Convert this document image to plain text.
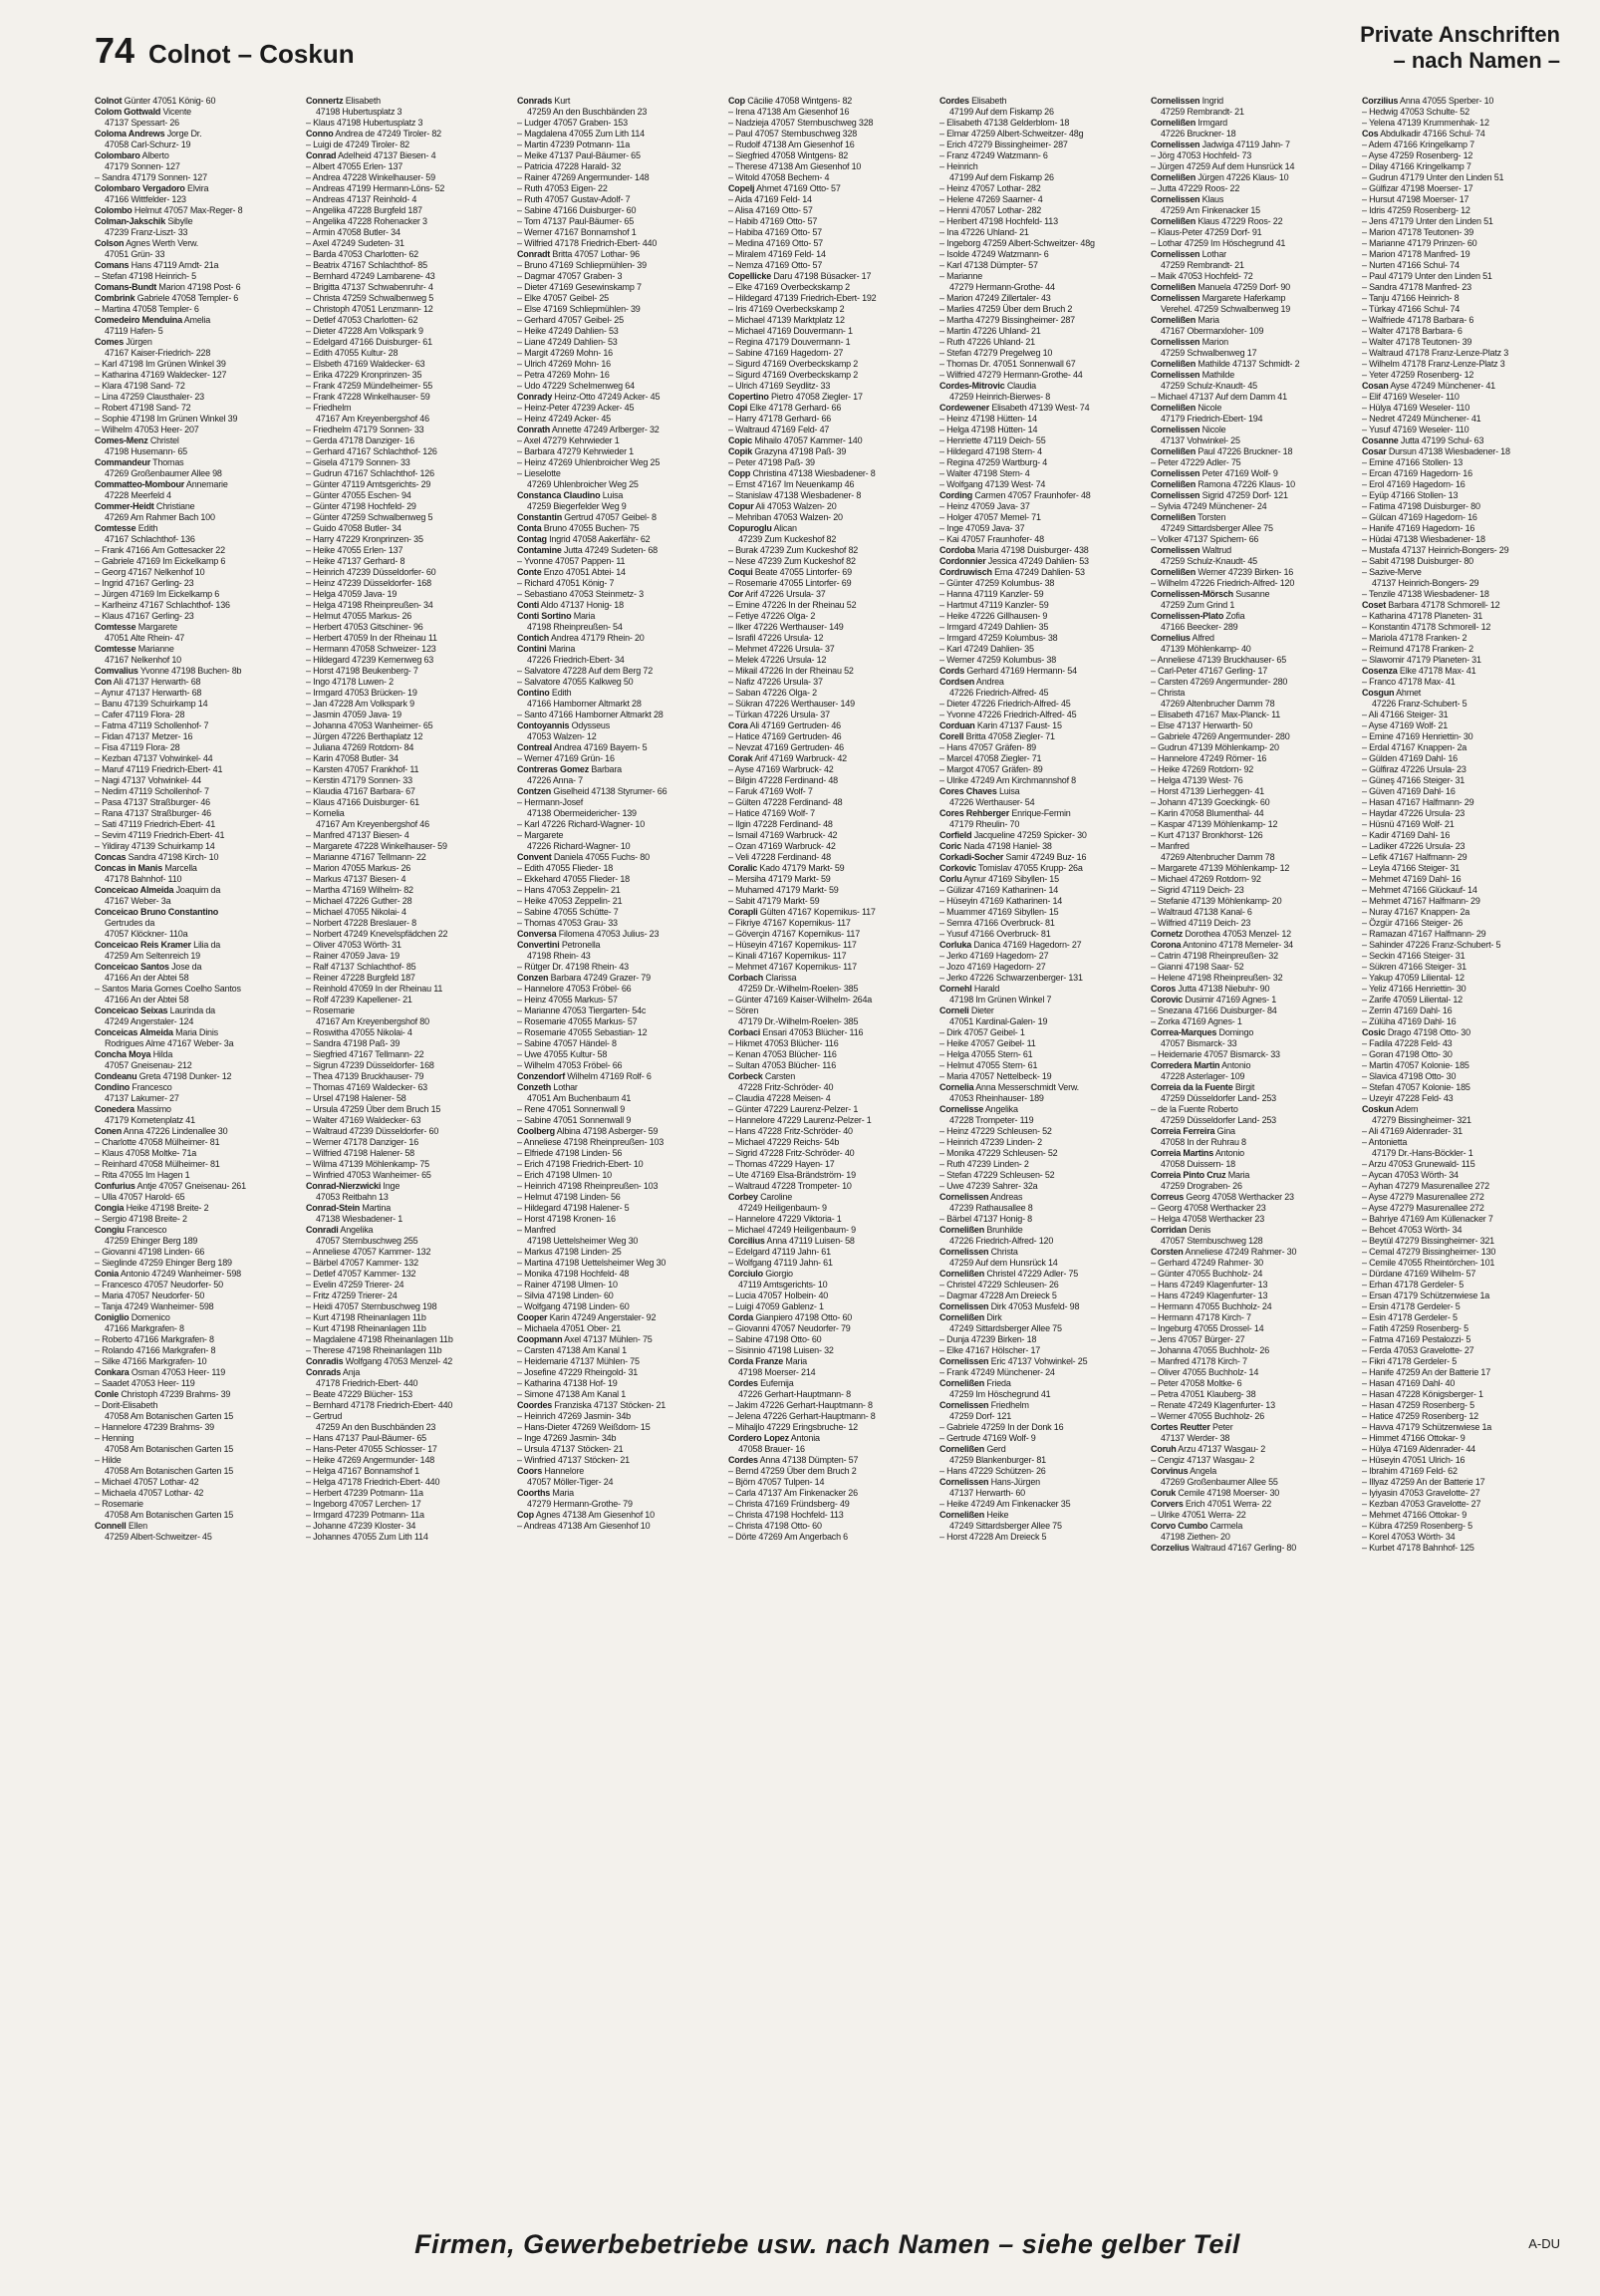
74 Colnot – Coskun
Private Anschriften
– nach Namen –
Colnot Günter 47051 König- 60
Colom Gottwald Vicente
47137 Spessart- 26
Coloma Andrews Jorge Dr.
47058 Carl-Schurz- 19
Colombaro Alberto
47179 Sonnen- 127
– Sandra 47179 Sonnen- 127
Colombaro Vergadoro Elvira
47166 Wittfelder- 123
Colombo Helmut 47057 Max-Reger- 8
Colman-Jakschik Sibylle
47239 Franz-Liszt- 33
Colson Agnes Werth Verw.
47051 Grün- 33
Comans Hans 47119 Arndt- 21a
– Stefan 47198 Heinrich- 5
Comans-Bundt Marion 47198 Post- 6
Combrink Gabriele 47058 Templer- 6
– Martina 47058 Templer- 6
Comedeiro Menduina Amelia
47119 Hafen- 5
Comes Jürgen
47167 Kaiser-Friedrich- 228
– Karl 47198 Im Grünen Winkel 39
– Katharina 47169 Waldecker- 127
– Klara 47198 Sand- 72
– Lina 47259 Clausthaler- 23
– Robert 47198 Sand- 72
– Sophie 47198 Im Grünen Winkel 39
– Wilhelm 47053 Heer- 207
Comes-Menz Christel
47198 Husemann- 65
Commandeur Thomas
47269 Großenbaumer Allee 98
Commatteo-Mombour Annemarie
47228 Meerfeld 4
Commer-Heidt Christiane
47269 Am Rahmer Bach 100
Comtesse Edith
47167 Schlachthof- 136
– Frank 47166 Am Gottesacker 22
– Gabriele 47169 Im Eickelkamp 6
– Georg 47167 Nelkenhof 10
– Ingrid 47167 Gerling- 23
– Jürgen 47169 Im Eickelkamp 6
– Karlheinz 47167 Schlachthof- 136
– Klaus 47167 Gerling- 23
Comtesse Margarete
47051 Alte Rhein- 47
Comtesse Marianne
47167 Nelkenhof 10
Comvalius Yvonne 47198 Buchen- 8b
Con Ali 47137 Herwarth- 68
– Aynur 47137 Herwarth- 68
– Banu 47139 Schuirkamp 14
– Cafer 47119 Flora- 28
– Fatma 47119 Schollenhof- 7
– Fidan 47137 Metzer- 16
– Fisa 47119 Flora- 28
– Kezban 47137 Vohwinkel- 44
– Maruf 47119 Friedrich-Ebert- 41
– Nagi 47137 Vohwinkel- 44
– Nedim 47119 Schollenhof- 7
– Pasa 47137 Straßburger- 46
– Rana 47137 Straßburger- 46
– Sati 47119 Friedrich-Ebert- 41
– Sevim 47119 Friedrich-Ebert- 41
– Yildiray 47139 Schuirkamp 14
Concas Sandra 47198 Kirch- 10
Concas in Manis Marcella
47178 Bahnhof- 110
Conceicao Almeida Joaquim da
47167 Weber- 3a
Conceicao Bruno Constantino
Gertrudes da
47057 Klöckner- 110a
Conceicao Reis Kramer Lilia da
47259 Am Seltenreich 19
Conceicao Santos Jose da
47166 An der Abtei 58
– Santos Maria Gomes Coelho Santos
47166 An der Abtei 58
Conceicao Seixas Laurinda da
47249 Angerstaler- 124
Conceicas Almeida Maria Dinis
Rodrigues Alme 47167 Weber- 3a
Concha Moya Hilda
47057 Gneisenau- 212
Condeanu Greta 47198 Dunker- 12
Condino Francesco
47137 Lakumer- 27
Conedera Massimo
47179 Kometenplatz 41
Conen Anna 47226 Lindenallee 30
– Charlotte 47058 Mülheimer- 81
– Klaus 47058 Moltke- 71a
– Reinhard 47058 Mülheimer- 81
– Rita 47055 Im Hagen 1
Confurius Antje 47057 Gneisenau- 261
– Ulla 47057 Harold- 65
Congia Heike 47198 Breite- 2
– Sergio 47198 Breite- 2
Congiu Francesco
47259 Ehinger Berg 189
– Giovanni 47198 Linden- 66
– Sieglinde 47259 Ehinger Berg 189
Conia Antonio 47249 Wanheimer- 598
– Francesco 47057 Neudorfer- 50
– Maria 47057 Neudorfer- 50
– Tanja 47249 Wanheimer- 598
Coniglio Domenico
47166 Markgrafen- 8
– Roberto 47166 Markgrafen- 8
– Rolando 47166 Markgrafen- 8
– Silke 47166 Markgrafen- 10
Conkara Osman 47053 Heer- 119
– Saadet 47053 Heer- 119
Conle Christoph 47239 Brahms- 39
– Dorit-Elisabeth
47058 Am Botanischen Garten 15
– Hannelore 47239 Brahms- 39
– Henning
47058 Am Botanischen Garten 15
– Hilde
47058 Am Botanischen Garten 15
– Michael 47057 Lothar- 42
– Michaela 47057 Lothar- 42
– Rosemarie
47058 Am Botanischen Garten 15
Connell Ellen
47259 Albert-Schweitzer- 45
Connertz Elisabeth
47198 Hubertusplatz 3
– Klaus 47198 Hubertusplatz 3
Conno Andrea de 47249 Tiroler- 82
– Luigi de 47249 Tiroler- 82
Conrad Adelheid 47137 Biesen- 4
– Albert 47055 Erlen- 137
– Andrea 47228 Winkelhauser- 59
– Andreas 47199 Hermann-Löns- 52
– Andreas 47137 Reinhold- 4
– Angelika 47228 Burgfeld 187
– Angelika 47228 Rohenacker 3
– Armin 47058 Butler- 34
– Axel 47249 Sudeten- 31
– Barda 47053 Charlotten- 62
– Beatrix 47167 Schlachthof- 85
– Bernhard 47249 Lambarene- 43
– Brigitta 47137 Schwabenruhr- 4
– Christa 47259 Schwalbenweg 5
– Christoph 47051 Lenzmann- 12
– Detlef 47053 Charlotten- 62
– Dieter 47228 Am Volkspark 9
– Edelgard 47166 Duisburger- 61
– Edith 47055 Kultur- 28
– Elsbeth 47169 Waldecker- 63
– Erika 47229 Kronprinzen- 35
– Frank 47259 Mündelheimer- 55
– Frank 47228 Winkelhauser- 59
– Friedhelm
47167 Am Kreyenbergshof 46
– Friedhelm 47179 Sonnen- 33
– Gerda 47178 Danziger- 16
– Gerhard 47167 Schlachthof- 126
– Gisela 47179 Sonnen- 33
– Gudrun 47167 Schlachthof- 126
– Günter 47119 Amtsgerichts- 29
– Günter 47055 Eschen- 94
– Günter 47198 Hochfeld- 29
– Günter 47259 Schwalbenweg 5
– Guido 47058 Butler- 34
– Harry 47229 Kronprinzen- 35
– Heike 47055 Erlen- 137
– Heike 47137 Gerhard- 8
– Heinrich 47239 Düsseldorfer- 60
– Heinz 47239 Düsseldorfer- 168
– Helga 47059 Java- 19
– Helga 47198 Rheinpreußen- 34
– Helmut 47055 Markus- 26
– Herbert 47053 Gitschiner- 96
– Herbert 47059 In der Rheinau 11
– Hermann 47058 Schweizer- 123
– Hildegard 47239 Kernenweg 63
– Horst 47198 Beukenberg- 7
– Ingo 47178 Luwen- 2
– Irmgard 47053 Brücken- 19
– Jan 47228 Am Volkspark 9
– Jasmin 47059 Java- 19
– Johanna 47053 Wanheimer- 65
– Jürgen 47226 Berthaplatz 12
– Juliana 47269 Rotdorn- 84
– Karin 47058 Butler- 34
– Karsten 47057 Frankhof- 11
– Kerstin 47179 Sonnen- 33
– Klaudia 47167 Barbara- 67
– Klaus 47166 Duisburger- 61
– Kornelia
47167 Am Kreyenbergshof 46
– Manfred 47137 Biesen- 4
– Margarete 47228 Winkelhauser- 59
– Marianne 47167 Tellmann- 22
– Marion 47055 Markus- 26
– Markus 47137 Biesen- 4
– Martha 47169 Wilhelm- 82
– Michael 47226 Guther- 28
– Michael 47055 Nikolai- 4
– Norbert 47228 Breslauer- 8
– Norbert 47249 Knevelspfädchen 22
– Oliver 47053 Wörth- 31
– Rainer 47059 Java- 19
– Ralf 47137 Schlachthof- 85
– Reiner 47228 Burgfeld 187
– Reinhold 47059 In der Rheinau 11
– Rolf 47239 Kapellener- 21
– Rosemarie
47167 Am Kreyenbergshof 80
– Roswitha 47055 Nikolai- 4
– Sandra 47198 Paß- 39
– Siegfried 47167 Tellmann- 22
– Sigrun 47239 Düsseldorfer- 168
– Thea 47139 Bruckhauser- 79
– Thomas 47169 Waldecker- 63
– Ursel 47198 Halener- 58
– Ursula 47259 Über dem Bruch 15
– Walter 47169 Waldecker- 63
– Waltraud 47239 Düsseldorfer- 60
– Werner 47178 Danziger- 16
– Wilfried 47198 Halener- 58
– Wilma 47139 Möhlenkamp- 75
– Winfried 47053 Wanheimer- 65
Conrad-Nierzwicki Inge
47053 Reitbahn 13
Conrad-Stein Martina
47138 Wiesbadener- 1
Conradi Angelika
47057 Sternbuschweg 255
– Anneliese 47057 Kammer- 132
– Bärbel 47057 Kammer- 132
– Detlef 47057 Kammer- 132
– Evelin 47259 Trierer- 24
– Fritz 47259 Trierer- 24
– Heidi 47057 Sternbuschweg 198
– Kurt 47198 Rheinanlagen 11b
– Kurt 47198 Rheinanlagen 11b
– Magdalene 47198 Rheinanlagen 11b
– Therese 47198 Rheinanlagen 11b
Conradis Wolfgang 47053 Menzel- 42
Conrads Anja
47178 Friedrich-Ebert- 440
– Beate 47229 Blücher- 153
– Bernhard 47178 Friedrich-Ebert- 440
– Gertrud
47259 An den Buschbänden 23
– Hans 47137 Paul-Bäumer- 65
– Hans-Peter 47055 Schlosser- 17
– Heike 47269 Angermunder- 148
– Helga 47167 Bonnamshof 1
– Helga 47178 Friedrich-Ebert- 440
– Herbert 47239 Potmann- 11a
– Ingeborg 47057 Lerchen- 17
– Irmgard 47239 Potmann- 11a
– Johanne 47239 Kloster- 34
– Johannes 47055 Zum Lith 114
Conrads Kurt
47259 An den Buschbänden 23
– Ludger 47057 Graben- 153
– Magdalena 47055 Zum Lith 114
– Martin 47239 Potmann- 11a
– Meike 47137 Paul-Bäumer- 65
– Patricia 47228 Harald- 32
– Rainer 47269 Angermunder- 148
– Ruth 47053 Eigen- 22
– Ruth 47057 Gustav-Adolf- 7
– Sabine 47166 Duisburger- 60
– Tom 47137 Paul-Bäumer- 65
– Werner 47167 Bonnamshof 1
– Wilfried 47178 Friedrich-Ebert- 440
Conradt Britta 47057 Lothar- 96
– Bruno 47169 Schliepmühlen- 39
– Dagmar 47057 Graben- 3
– Dieter 47169 Gesewinskamp 7
– Elke 47057 Geibel- 25
– Else 47169 Schliepmühlen- 39
– Gerhard 47057 Geibel- 25
– Heike 47249 Dahlien- 53
– Liane 47249 Dahlien- 53
– Margit 47269 Mohn- 16
– Ulrich 47269 Mohn- 16
– Petra 47269 Mohn- 16
– Udo 47229 Schelmenweg 64
Conrady Heinz-Otto 47249 Acker- 45
– Heinz-Peter 47239 Acker- 45
– Heinz 47249 Acker- 45
Conrath Annette 47249 Arlberger- 32
– Axel 47279 Kehrwieder 1
– Barbara 47279 Kehrwieder 1
– Heinz 47269 Uhlenbroicher Weg 25
– Lieselotte
47269 Uhlenbroicher Weg 25
Constanca Claudino Luisa
47259 Biegerfelder Weg 9
Constantin Gertrud 47057 Geibel- 8
Conta Bruno 47055 Buchen- 75
Contag Ingrid 47058 Aakerfähr- 62
Contamine Jutta 47249 Sudeten- 68
– Yvonne 47057 Pappen- 11
Conte Enzo 47051 Abtei- 14
– Richard 47051 König- 7
– Sebastiano 47053 Steinmetz- 3
Conti Aldo 47137 Honig- 18
Conti Sortino Maria
47198 Rheinpreußen- 54
Contich Andrea 47179 Rhein- 20
Contini Marina
47226 Friedrich-Ebert- 34
– Salvatore 47228 Auf dem Berg 72
– Salvatore 47055 Kalkweg 50
Contino Edith
47166 Hamborner Altmarkt 28
– Santo 47166 Hamborner Altmarkt 28
Contoyannis Odysseus
47053 Walzen- 12
Contreal Andrea 47169 Bayern- 5
– Werner 47169 Grün- 16
Contreras Gomez Barbara
47226 Anna- 7
Contzen Giselheid 47138 Styrumer- 66
– Hermann-Josef
47138 Obermeidericher- 139
– Karl 47226 Richard-Wagner- 10
– Margarete
47226 Richard-Wagner- 10
Convent Daniela 47055 Fuchs- 80
– Edith 47055 Flieder- 18
– Ekkehard 47055 Flieder- 18
– Hans 47053 Zeppelin- 21
– Heike 47053 Zeppelin- 21
– Sabine 47055 Schütte- 7
– Thomas 47053 Grau- 33
Conversa Filomena 47053 Julius- 23
Convertini Petronella
47198 Rhein- 43
– Rütger Dr. 47198 Rhein- 43
Conzen Barbara 47249 Grazer- 79
– Hannelore 47053 Fröbel- 66
– Heinz 47055 Markus- 57
– Marianne 47053 Tiergarten- 54c
– Rosemarie 47055 Markus- 57
– Rosemarie 47055 Sebastian- 12
– Sabine 47057 Händel- 8
– Uwe 47055 Kultur- 58
– Wilhelm 47053 Fröbel- 66
Conzendorf Wilhelm 47169 Rolf- 6
Conzeth Lothar
47051 Am Buchenbaum 41
– Rene 47051 Sonnenwall 9
– Sabine 47051 Sonnenwall 9
Coolberg Albina 47198 Asberger- 59
– Anneliese 47198 Rheinpreußen- 103
– Elfriede 47198 Linden- 56
– Erich 47198 Friedrich-Ebert- 10
– Erich 47198 Ulmen- 10
– Heinrich 47198 Rheinpreußen- 103
– Helmut 47198 Linden- 56
– Hildegard 47198 Halener- 5
– Horst 47198 Kronen- 16
– Manfred
47198 Uettelsheimer Weg 30
– Markus 47198 Linden- 25
– Martina 47198 Uettelsheimer Weg 30
– Monika 47198 Hochfeld- 48
– Rainer 47198 Ulmen- 10
– Silvia 47198 Linden- 60
– Wolfgang 47198 Linden- 60
Cooper Karin 47249 Angerstaler- 92
– Michaela 47051 Ober- 21
Coopmann Axel 47137 Mühlen- 75
– Carsten 47138 Am Kanal 1
– Heidemarie 47137 Mühlen- 75
– Josefine 47229 Rheingold- 31
– Katharina 47138 Hof- 19
– Simone 47138 Am Kanal 1
Coordes Franziska 47137 Stöcken- 21
– Heinrich 47269 Jasmin- 34b
– Hans-Dieter 47269 Weißdorn- 15
– Inge 47269 Jasmin- 34b
– Ursula 47137 Stöcken- 21
– Winfried 47137 Stöcken- 21
Coors Hannelore
47057 Möller-Tiger- 24
Coorths Maria
47279 Hermann-Grothe- 79
Cop Agnes 47138 Am Giesenhof 10
– Andreas 47138 Am Giesenhof 10
Cop Cäcilie 47058 Wintgens- 82
– Irena 47138 Am Giesenhof 16
– Nadzieja 47057 Sternbuschweg 328
– Paul 47057 Sternbuschweg 328
– Rudolf 47138 Am Giesenhof 16
– Siegfried 47058 Wintgens- 82
– Therese 47138 Am Giesenhof 10
– Witold 47058 Bechem- 4
Copelj Ahmet 47169 Otto- 57
– Aida 47169 Feld- 14
– Alisa 47169 Otto- 57
– Habib 47169 Otto- 57
– Habiba 47169 Otto- 57
– Medina 47169 Otto- 57
– Miralem 47169 Feld- 14
– Nemza 47169 Otto- 57
Copellicke Daru 47198 Büsacker- 17
– Elke 47169 Overbeckskamp 2
– Hildegard 47139 Friedrich-Ebert- 192
– Iris 47169 Overbeckskamp 2
– Michael 47139 Marktplatz 12
– Michael 47169 Douvermann- 1
– Regina 47179 Douvermann- 1
– Sabine 47169 Hagedorn- 27
– Sigurd 47169 Overbeckskamp 2
– Sigurd 47169 Overbeckskamp 2
– Ulrich 47169 Seydlitz- 33
Copertino Pietro 47058 Ziegler- 17
Copi Elke 47178 Gerhard- 66
– Harry 47178 Gerhard- 66
– Waltraud 47169 Feld- 47
Copic Mihailo 47057 Kammer- 140
Copik Grazyna 47198 Paß- 39
– Peter 47198 Paß- 39
Copp Christina 47138 Wiesbadener- 8
– Ernst 47167 Im Neuenkamp 46
– Stanislaw 47138 Wiesbadener- 8
Copur Ali 47053 Walzen- 20
– Mehriban 47053 Walzen- 20
Copuroglu Alican
47239 Zum Kuckeshof 82
– Burak 47239 Zum Kuckeshof 82
– Nese 47239 Zum Kuckeshof 82
Coqui Beate 47055 Lintorfer- 69
– Rosemarie 47055 Lintorfer- 69
Cor Arif 47226 Ursula- 37
– Emine 47226 In der Rheinau 52
– Fetiye 47226 Olga- 2
– Ilker 47226 Werthauser- 149
– Israfil 47226 Ursula- 12
– Mehmet 47226 Ursula- 37
– Melek 47226 Ursula- 12
– Mikail 47226 In der Rheinau 52
– Nafiz 47226 Ursula- 37
– Saban 47226 Olga- 2
– Sükran 47226 Werthauser- 149
– Türkan 47226 Ursula- 37
Cora Ali 47169 Gertruden- 46
– Hatice 47169 Gertruden- 46
– Nevzat 47169 Gertruden- 46
Corak Arif 47169 Warbruck- 42
– Ayse 47169 Warbruck- 42
– Bilgin 47228 Ferdinand- 48
– Faruk 47169 Wolf- 7
– Gülten 47228 Ferdinand- 48
– Hatice 47169 Wolf- 7
– Ilgin 47228 Ferdinand- 48
– Ismail 47169 Warbruck- 42
– Ozan 47169 Warbruck- 42
– Veli 47228 Ferdinand- 48
Coralic Kado 47179 Markt- 59
– Mersiha 47179 Markt- 59
– Muhamed 47179 Markt- 59
– Sabit 47179 Markt- 59
Corapli Gülten 47167 Kopernikus- 117
– Fikriye 47167 Kopernikus- 117
– Göverçin 47167 Kopernikus- 117
– Hüseyin 47167 Kopernikus- 117
– Kinali 47167 Kopernikus- 117
– Mehmet 47167 Kopernikus- 117
Corbach Clarissa
47259 Dr.-Wilhelm-Roelen- 385
– Günter 47169 Kaiser-Wilhelm- 264a
– Sören
47179 Dr.-Wilhelm-Roelen- 385
Corbaci Ensari 47053 Blücher- 116
– Hikmet 47053 Blücher- 116
– Kenan 47053 Blücher- 116
– Sultan 47053 Blücher- 116
Corbeck Carsten
47228 Fritz-Schröder- 40
– Claudia 47228 Meisen- 4
– Günter 47229 Laurenz-Pelzer- 1
– Hannelore 47229 Laurenz-Pelzer- 1
– Hans 47228 Fritz-Schröder- 40
– Michael 47229 Reichs- 54b
– Sigrid 47228 Fritz-Schröder- 40
– Thomas 47229 Hayen- 17
– Ute 47169 Elsa-Brändström- 19
– Waltraud 47228 Trompeter- 10
Corbey Caroline
47249 Heiligenbaum- 9
– Hannelore 47229 Viktoria- 1
– Michael 47249 Heiligenbaum- 9
Corcilius Anna 47119 Luisen- 58
– Edelgard 47119 Jahn- 61
– Wolfgang 47119 Jahn- 61
Corciulo Giorgio
47119 Amtsgerichts- 10
– Lucia 47057 Holbein- 40
– Luigi 47059 Gablenz- 1
Corda Gianpiero 47198 Otto- 60
– Giovanni 47057 Neudorfer- 79
– Sabine 47198 Otto- 60
– Sisinnio 47198 Luisen- 32
Corda Franze Maria
47198 Moerser- 214
Cordes Eufemija
47226 Gerhart-Hauptmann- 8
– Jakim 47226 Gerhart-Hauptmann- 8
– Jelena 47226 Gerhart-Hauptmann- 8
– Mihaljlo 47229 Eringsbruche- 12
Cordero Lopez Antonia
47058 Brauer- 16
Cordes Anna 47138 Dümpten- 57
– Bernd 47259 Über dem Bruch 2
– Björn 47057 Tulpen- 14
– Carla 47137 Am Finkenacker 26
– Christa 47169 Fründsberg- 49
– Christa 47198 Hochfeld- 113
– Christa 47198 Otto- 60
– Dörte 47269 Am Angerbach 6
Cordes Elisabeth
47199 Auf dem Fiskamp 26
– Elisabeth 47138 Gelderblom- 18
– Elmar 47259 Albert-Schweitzer- 48g
– Erich 47279 Bissingheimer- 287
– Franz 47249 Watzmann- 6
– Heinrich
47199 Auf dem Fiskamp 26
– Heinz 47057 Lothar- 282
– Helene 47269 Saarner- 4
– Henni 47057 Lothar- 282
– Heribert 47198 Hochfeld- 113
– Ina 47226 Uhland- 21
– Ingeborg 47259 Albert-Schweitzer- 48g
– Isolde 47249 Watzmann- 6
– Karl 47138 Dümpter- 57
– Marianne
47279 Hermann-Grothe- 44
– Marion 47249 Zillertaler- 43
– Marlies 47259 Über dem Bruch 2
– Martha 47279 Bissingheimer- 287
– Martin 47226 Uhland- 21
– Ruth 47226 Uhland- 21
– Stefan 47279 Pregelweg 10
– Thomas Dr. 47051 Sonnenwall 67
– Wilfried 47279 Hermann-Grothe- 44
Cordes-Mitrovic Claudia
47259 Heinrich-Bierwes- 8
Cordewener Elisabeth 47139 West- 74
– Heinz 47198 Hütten- 14
– Helga 47198 Hütten- 14
– Henriette 47119 Deich- 55
– Hildegard 47198 Stern- 4
– Regina 47259 Wartburg- 4
– Walter 47198 Stern- 4
– Wolfgang 47139 West- 74
Cording Carmen 47057 Fraunhofer- 48
– Heinz 47059 Java- 37
– Holger 47057 Memel- 71
– Inge 47059 Java- 37
– Kai 47057 Fraunhofer- 48
Cordoba Maria 47198 Duisburger- 438
Cordonnier Jessica 47249 Dahlien- 53
Cordruwisch Erna 47249 Dahlien- 53
– Günter 47259 Kolumbus- 38
– Hanna 47119 Kanzler- 59
– Hartmut 47119 Kanzler- 59
– Heike 47226 Gillhausen- 9
– Irmgard 47249 Dahlien- 35
– Irmgard 47259 Kolumbus- 38
– Karl 47249 Dahlien- 35
– Werner 47259 Kolumbus- 38
Cords Gerhard 47169 Hermann- 54
Cordsen Andrea
47226 Friedrich-Alfred- 45
– Dieter 47226 Friedrich-Alfred- 45
– Yvonne 47226 Friedrich-Alfred- 45
Corduan Karin 47137 Faust- 15
Corell Britta 47058 Ziegler- 71
– Hans 47057 Gräfen- 89
– Marcel 47058 Ziegler- 71
– Margot 47057 Gräfen- 89
– Ulrike 47249 Am Kirchmannshof 8
Cores Chaves Luisa
47226 Werthauser- 54
Cores Rehberger Enrique-Fermin
47179 Rheulin- 70
Corfield Jacqueline 47259 Spicker- 30
Coric Nada 47198 Haniel- 38
Corkadi-Socher Samir 47249 Buz- 16
Corkovic Tomislav 47055 Krupp- 26a
Corlu Aynur 47169 Sibyllen- 15
– Gülizar 47169 Katharinen- 14
– Hüseyin 47169 Katharinen- 14
– Muammer 47169 Sibyllen- 15
– Semra 47166 Overbruck- 81
– Yusuf 47166 Overbruck- 81
Corluka Danica 47169 Hagedorn- 27
– Jerko 47169 Hagedorn- 27
– Jozo 47169 Hagedorn- 27
– Jerko 47226 Schwarzenberger- 131
Cornehl Harald
47198 Im Grünen Winkel 7
Corneli Dieter
47051 Kardinal-Galen- 19
– Dirk 47057 Geibel- 1
– Heike 47057 Geibel- 11
– Helga 47055 Stern- 61
– Helmut 47055 Stern- 61
– Maria 47057 Nettelbeck- 19
Cornelia Anna Messerschmidt Verw.
47053 Rheinhauser- 189
Cornelisse Angelika
47228 Trompeter- 119
– Heinz 47229 Schleusen- 52
– Heinrich 47239 Linden- 2
– Monika 47229 Schleusen- 52
– Ruth 47239 Linden- 2
– Stefan 47229 Schleusen- 52
– Uwe 47239 Sahrer- 32a
Cornelissen Andreas
47239 Rathausallee 8
– Bärbel 47137 Honig- 8
Cornelißen Brunhilde
47226 Friedrich-Alfred- 120
Cornelissen Christa
47259 Auf dem Hunsrück 14
Cornelißen Christel 47229 Adler- 75
– Christel 47229 Schleusen- 26
– Dagmar 47228 Am Dreieck 5
Cornelissen Dirk 47053 Musfeld- 98
Cornelißen Dirk
47249 Sittardsberger Allee 75
– Dunja 47239 Birken- 18
– Elke 47167 Hölscher- 17
Cornelissen Eric 47137 Vohwinkel- 25
– Frank 47249 Münchener- 24
Cornelißen Frieda
47259 Im Höschegrund 41
Cornelissen Friedhelm
47259 Dorf- 121
– Gabriele 47259 In der Donk 16
– Gertrude 47169 Wolf- 9
Cornelißen Gerd
47259 Blankenburger- 81
– Hans 47229 Schützen- 26
Cornelissen Hans-Jürgen
47137 Herwarth- 60
– Heike 47249 Am Finkenacker 35
Cornelißen Heike
47249 Sittardsberger Allee 75
– Horst 47228 Am Dreieck 5
Cornelissen Ingrid
47259 Rembrandt- 21
Cornelißen Irmgard
47226 Bruckner- 18
Cornelissen Jadwiga 47119 Jahn- 7
– Jörg 47053 Hochfeld- 73
– Jürgen 47259 Auf dem Hunsrück 14
Cornelißen Jürgen 47226 Klaus- 10
– Jutta 47229 Roos- 22
Cornelissen Klaus
47259 Am Finkenacker 15
Cornelißen Klaus 47229 Roos- 22
– Klaus-Peter 47259 Dorf- 91
– Lothar 47259 Im Höschegrund 41
Cornelissen Lothar
47259 Rembrandt- 21
– Maik 47053 Hochfeld- 72
Cornelißen Manuela 47259 Dorf- 90
Cornelissen Margarete Haferkamp
Verehel. 47259 Schwalbenweg 19
Cornelißen Maria
47167 Obermarxloher- 109
Cornelissen Marion
47259 Schwalbenweg 17
Cornelißen Mathilde 47137 Schmidt- 2
Cornelissen Mathilde
47259 Schulz-Knaudt- 45
– Michael 47137 Auf dem Damm 41
Cornelißen Nicole
47179 Friedrich-Ebert- 194
Cornelissen Nicole
47137 Vohwinkel- 25
Cornelißen Paul 47226 Bruckner- 18
– Peter 47229 Adler- 75
Cornelissen Peter 47169 Wolf- 9
Cornelißen Ramona 47226 Klaus- 10
Cornelissen Sigrid 47259 Dorf- 121
– Sylvia 47249 Münchener- 24
Cornelißen Torsten
47249 Sittardsberger Allee 75
– Volker 47137 Spichern- 66
Cornelissen Waltrud
47259 Schulz-Knaudt- 45
Cornelißen Werner 47239 Birken- 16
– Wilhelm 47226 Friedrich-Alfred- 120
Cornelissen-Mörsch Susanne
47259 Zum Grind 1
Cornelissen-Plato Zofia
47166 Beecker- 289
Cornelius Alfred
47139 Möhlenkamp- 40
– Anneliese 47139 Bruckhauser- 65
– Carl-Peter 47167 Gerling- 17
– Carsten 47269 Angermunder- 280
– Christa
47269 Altenbrucher Damm 78
– Elisabeth 47167 Max-Planck- 11
– Else 47137 Herwarth- 50
– Gabriele 47269 Angermunder- 280
– Gudrun 47139 Möhlenkamp- 20
– Hannelore 47249 Römer- 16
– Heike 47269 Rotdorn- 92
– Helga 47139 West- 76
– Horst 47139 Lierheggen- 41
– Johann 47139 Goeckingk- 60
– Karin 47058 Blumenthal- 44
– Kaspar 47139 Möhlenkamp- 12
– Kurt 47137 Bronkhorst- 126
– Manfred
47269 Altenbrucher Damm 78
– Margarete 47139 Möhlenkamp- 12
– Michael 47269 Rotdorn- 92
– Sigrid 47119 Deich- 23
– Stefanie 47139 Möhlenkamp- 20
– Waltraud 47138 Kanal- 6
– Wilfried 47119 Deich- 23
Cornetz Dorothea 47053 Menzel- 12
Corona Antonino 47178 Memeler- 34
– Catrin 47198 Rheinpreußen- 32
– Gianni 47198 Saar- 52
– Helene 47198 Rheinpreußen- 32
Coros Jutta 47138 Niebuhr- 90
Corovic Dusimir 47169 Agnes- 1
– Snezana 47166 Duisburger- 84
– Zorka 47169 Agnes- 1
Correa-Marques Domingo
47057 Bismarck- 33
– Heidemarie 47057 Bismarck- 33
Corredera Martin Antonio
47228 Asterlager- 109
Correia da la Fuente Birgit
47259 Düsseldorfer Land- 253
– de la Fuente Roberto
47259 Düsseldorfer Land- 253
Correia Ferreira Gina
47058 In der Ruhrau 8
Correia Martins Antonio
47058 Duissern- 18
Correia Pinto Cruz Maria
47259 Drograben- 26
Correus Georg 47058 Werthacker 23
– Georg 47058 Werthacker 23
– Helga 47058 Werthacker 23
Corridan Denis
47057 Sternbuschweg 128
Corsten Anneliese 47249 Rahmer- 30
– Gerhard 47249 Rahmer- 30
– Günter 47055 Buchholz- 24
– Hans 47249 Klagenfurter- 13
– Hans 47249 Klagenfurter- 13
– Hermann 47055 Buchholz- 24
– Hermann 47178 Kirch- 7
– Ingeburg 47055 Drossel- 14
– Jens 47057 Bürger- 27
– Johanna 47055 Buchholz- 26
– Manfred 47178 Kirch- 7
– Oliver 47055 Buchholz- 14
– Peter 47058 Moltke- 6
– Petra 47051 Klauberg- 38
– Renate 47249 Klagenfurter- 13
– Werner 47055 Buchholz- 26
Cortes Reutter Peter
47137 Werder- 38
Coruh Arzu 47137 Wasgau- 2
– Cengiz 47137 Wasgau- 2
Corvinus Angela
47269 Großenbaumer Allee 55
Coruk Cemile 47198 Moerser- 30
Corvers Erich 47051 Werra- 22
– Ulrike 47051 Werra- 22
Corvo Cumbo Carmela
47198 Ziethen- 20
Corzelius Waltraud 47167 Gerling- 80
Corzilius Anna 47055 Sperber- 10
– Hedwig 47053 Schulte- 52
– Yelena 47139 Krummenhak- 12
Cos Abdulkadir 47166 Schul- 74
– Adem 47166 Kringelkamp 7
– Ayse 47259 Rosenberg- 12
– Dilay 47166 Kringelkamp 7
– Gudrun 47179 Unter den Linden 51
– Gülfizar 47198 Moerser- 17
– Hursut 47198 Moerser- 17
– Idris 47259 Rosenberg- 12
– Jens 47179 Unter den Linden 51
– Marion 47178 Teutonen- 39
– Marianne 47179 Prinzen- 60
– Marion 47178 Manfred- 19
– Nurten 47166 Schul- 74
– Paul 47179 Unter den Linden 51
– Sandra 47178 Manfred- 23
– Tanju 47166 Heinrich- 8
– Türkay 47166 Schul- 74
– Walfriede 47178 Barbara- 6
– Walter 47178 Barbara- 6
– Walter 47178 Teutonen- 39
– Waltraud 47178 Franz-Lenze-Platz 3
– Wilhelm 47178 Franz-Lenze-Platz 3
– Yeter 47259 Rosenberg- 12
Cosan Ayse 47249 Münchener- 41
– Elif 47169 Weseler- 110
– Hülya 47169 Weseler- 110
– Nedret 47249 Münchener- 41
– Yusuf 47169 Weseler- 110
Cosanne Jutta 47199 Schul- 63
Cosar Dursun 47138 Wiesbadener- 18
– Emine 47166 Stollen- 13
– Ercan 47169 Hagedorn- 16
– Erol 47169 Hagedorn- 16
– Eyüp 47166 Stollen- 13
– Fatima 47198 Duisburger- 80
– Gülcan 47169 Hagedorn- 16
– Hanife 47169 Hagedorn- 16
– Hüdai 47138 Wiesbadener- 18
– Mustafa 47137 Heinrich-Bongers- 29
– Sabit 47198 Duisburger- 80
– Sazive-Merve
47137 Heinrich-Bongers- 29
– Tenzile 47138 Wiesbadener- 18
Coset Barbara 47178 Schmorell- 12
– Katharina 47178 Planeten- 31
– Konstantin 47178 Schmorell- 12
– Mariola 47178 Franken- 2
– Reimund 47178 Franken- 2
– Slawomir 47179 Planeten- 31
Cosenza Elke 47178 Max- 41
– Franco 47178 Max- 41
Cosgun Ahmet
47226 Franz-Schubert- 5
– Ali 47166 Steiger- 31
– Ayse 47169 Wolf- 21
– Emine 47169 Henriettin- 30
– Erdal 47167 Knappen- 2a
– Gülden 47169 Dahl- 16
– Gülfiraz 47226 Ursula- 23
– Güneş 47166 Steiger- 31
– Güven 47169 Dahl- 16
– Hasan 47167 Halfmann- 29
– Haydar 47226 Ursula- 23
– Hüsnü 47169 Wolf- 21
– Kadir 47169 Dahl- 16
– Ladiker 47226 Ursula- 23
– Lefik 47167 Halfmann- 29
– Leyla 47166 Steiger- 31
– Mehmet 47169 Dahl- 16
– Mehmet 47166 Glückauf- 14
– Mehmet 47167 Halfmann- 29
– Nuray 47167 Knappen- 2a
– Özgür 47166 Steiger- 26
– Ramazan 47167 Halfmann- 29
– Sahinder 47226 Franz-Schubert- 5
– Seckin 47166 Steiger- 31
– Sükren 47166 Steiger- 31
– Yakup 47059 Liliental- 12
– Yeliz 47166 Henriettin- 30
– Zarife 47059 Liliental- 12
– Zerrin 47169 Dahl- 16
– Zülüha 47169 Dahl- 16
Cosic Drago 47198 Otto- 30
– Fadila 47228 Feld- 43
– Goran 47198 Otto- 30
– Martin 47057 Kolonie- 185
– Slavica 47198 Otto- 30
– Stefan 47057 Kolonie- 185
– Uzeyir 47228 Feld- 43
Coskun Adem
47279 Bissingheimer- 321
– Ali 47169 Aldenrader- 31
– Antonietta
47179 Dr.-Hans-Böckler- 1
– Arzu 47053 Grunewald- 115
– Aycan 47053 Wörth- 34
– Ayhan 47279 Masurenallee 272
– Ayse 47279 Masurenallee 272
– Ayse 47279 Masurenallee 272
– Bahriye 47169 Am Küllenacker 7
– Behcet 47053 Wörth- 34
– Beytül 47279 Bissingheimer- 321
– Cemal 47279 Bissingheimer- 130
– Cemile 47055 Rheintörchen- 101
– Dürdane 47169 Wilhelm- 57
– Erhan 47178 Gerdeler- 5
– Ersan 47179 Schützenwiese 1a
– Ersin 47178 Gerdeler- 5
– Esin 47178 Gerdeler- 5
– Fatih 47259 Rosenberg- 5
– Fatma 47169 Pestalozzi- 5
– Ferda 47053 Gravelotte- 27
– Fikri 47178 Gerdeler- 5
– Hanife 47259 An der Batterie 17
– Hasan 47169 Dahl- 40
– Hasan 47228 Königsberger- 1
– Hasan 47259 Rosenberg- 5
– Hatice 47259 Rosenberg- 12
– Havva 47179 Schützenwiese 1a
– Himmet 47166 Ottokar- 9
– Hülya 47169 Aldenrader- 44
– Hüseyin 47051 Ulrich- 16
– Ibrahim 47169 Feld- 62
– Illyaz 47259 An der Batterie 17
– Iyiyasin 47053 Gravelotte- 27
– Kezban 47053 Gravelotte- 27
– Mehmet 47166 Ottokar- 9
– Kübra 47259 Rosenberg- 5
– Korel 47053 Wörth- 34
– Kurbet 47178 Bahnhof- 125
Firmen, Gewerbebetriebe usw. nach Namen – siehe gelber Teil	A-DU
